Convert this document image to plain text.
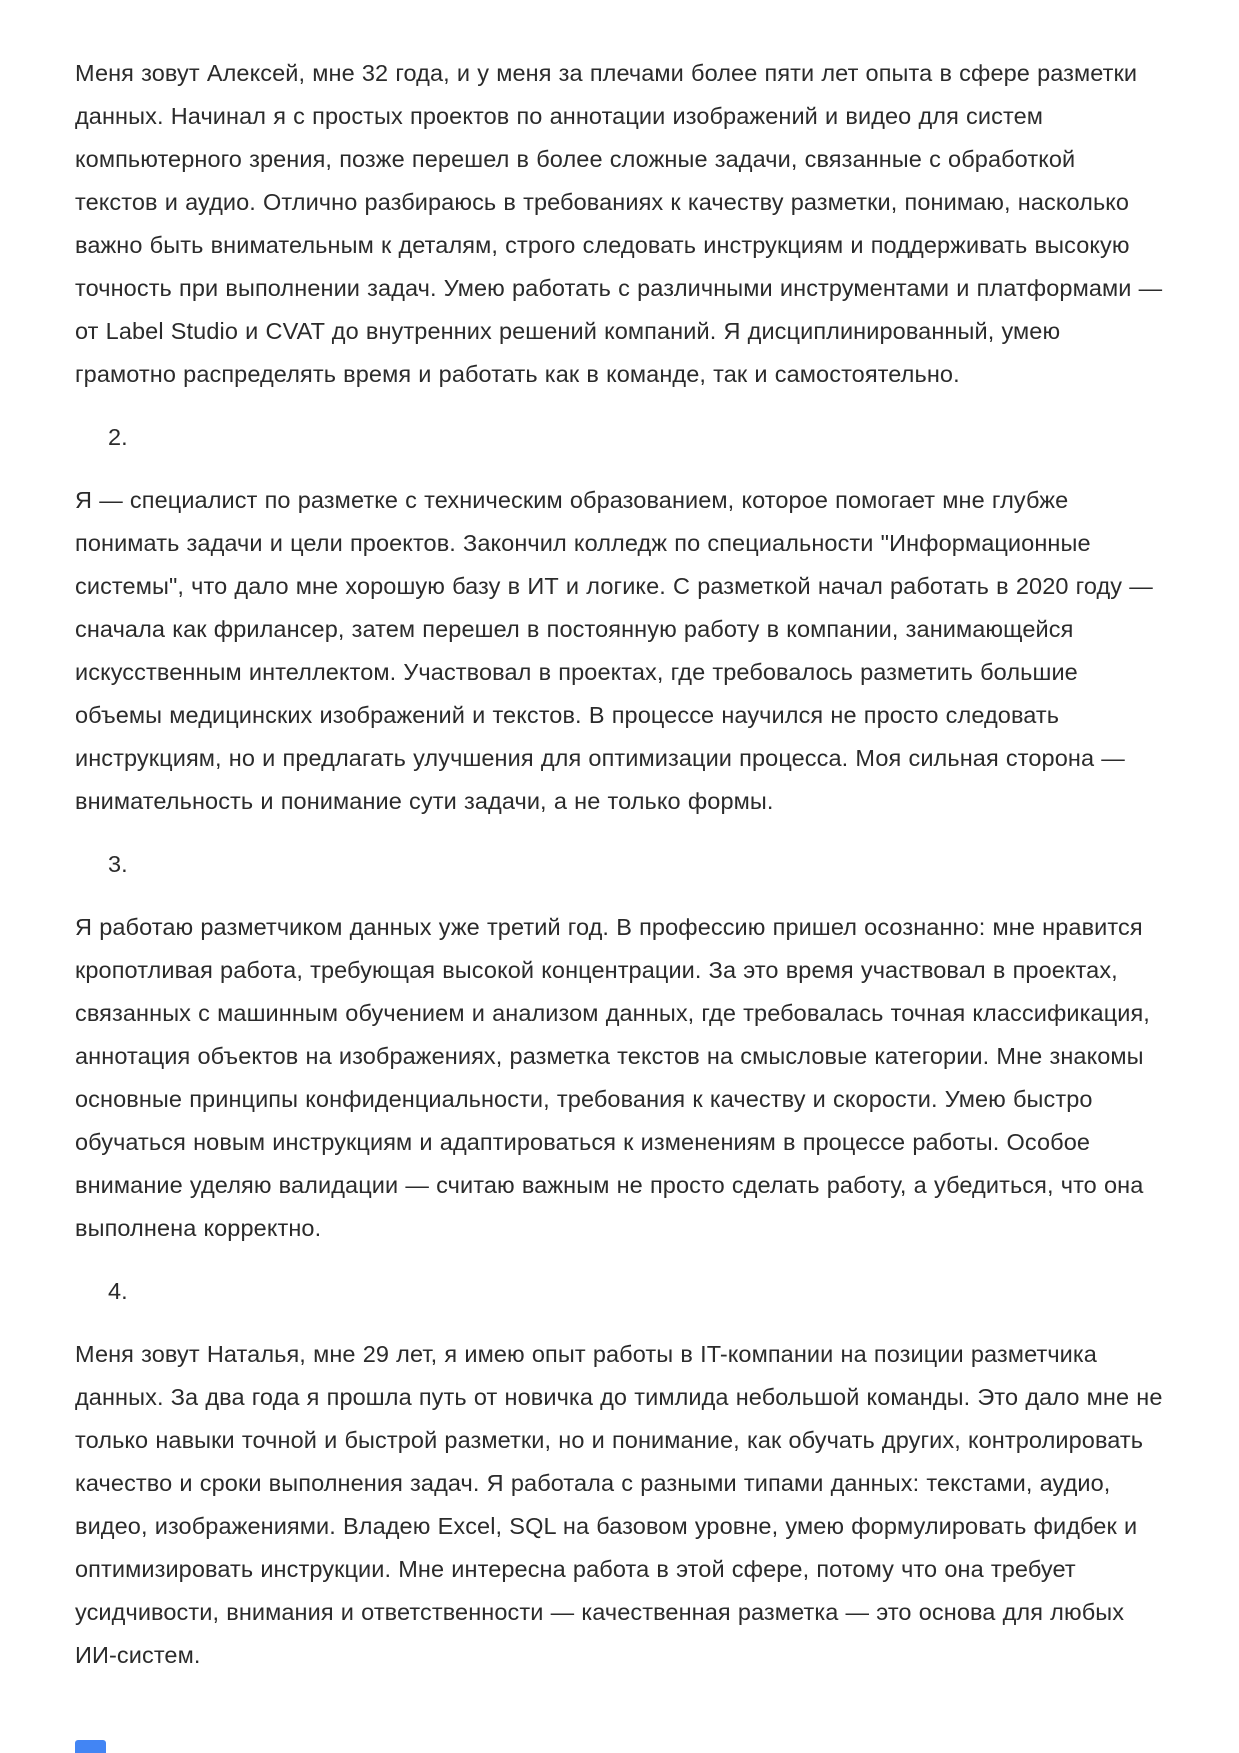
Меня зовут Алексей, мне 32 года, и у меня за плечами более пяти лет опыта в сфере разметки данных. Начинал я с простых проектов по аннотации изображений и видео для систем компьютерного зрения, позже перешел в более сложные задачи, связанные с обработкой текстов и аудио. Отлично разбираюсь в требованиях к качеству разметки, понимаю, насколько важно быть внимательным к деталям, строго следовать инструкциям и поддерживать высокую точность при выполнении задач. Умею работать с различными инструментами и платформами — от Label Studio и CVAT до внутренних решений компаний. Я дисциплинированный, умею грамотно распределять время и работать как в команде, так и самостоятельно.
2.
Я — специалист по разметке с техническим образованием, которое помогает мне глубже понимать задачи и цели проектов. Закончил колледж по специальности "Информационные системы", что дало мне хорошую базу в ИТ и логике. С разметкой начал работать в 2020 году — сначала как фрилансер, затем перешел в постоянную работу в компании, занимающейся искусственным интеллектом. Участвовал в проектах, где требовалось разметить большие объемы медицинских изображений и текстов. В процессе научился не просто следовать инструкциям, но и предлагать улучшения для оптимизации процесса. Моя сильная сторона — внимательность и понимание сути задачи, а не только формы.
3.
Я работаю разметчиком данных уже третий год. В профессию пришел осознанно: мне нравится кропотливая работа, требующая высокой концентрации. За это время участвовал в проектах, связанных с машинным обучением и анализом данных, где требовалась точная классификация, аннотация объектов на изображениях, разметка текстов на смысловые категории. Мне знакомы основные принципы конфиденциальности, требования к качеству и скорости. Умею быстро обучаться новым инструкциям и адаптироваться к изменениям в процессе работы. Особое внимание уделяю валидации — считаю важным не просто сделать работу, а убедиться, что она выполнена корректно.
4.
Меня зовут Наталья, мне 29 лет, я имею опыт работы в IT-компании на позиции разметчика данных. За два года я прошла путь от новичка до тимлида небольшой команды. Это дало мне не только навыки точной и быстрой разметки, но и понимание, как обучать других, контролировать качество и сроки выполнения задач. Я работала с разными типами данных: текстами, аудио, видео, изображениями. Владею Excel, SQL на базовом уровне, умею формулировать фидбек и оптимизировать инструкции. Мне интересна работа в этой сфере, потому что она требует усидчивости, внимания и ответственности — качественная разметка — это основа для любых ИИ-систем.
